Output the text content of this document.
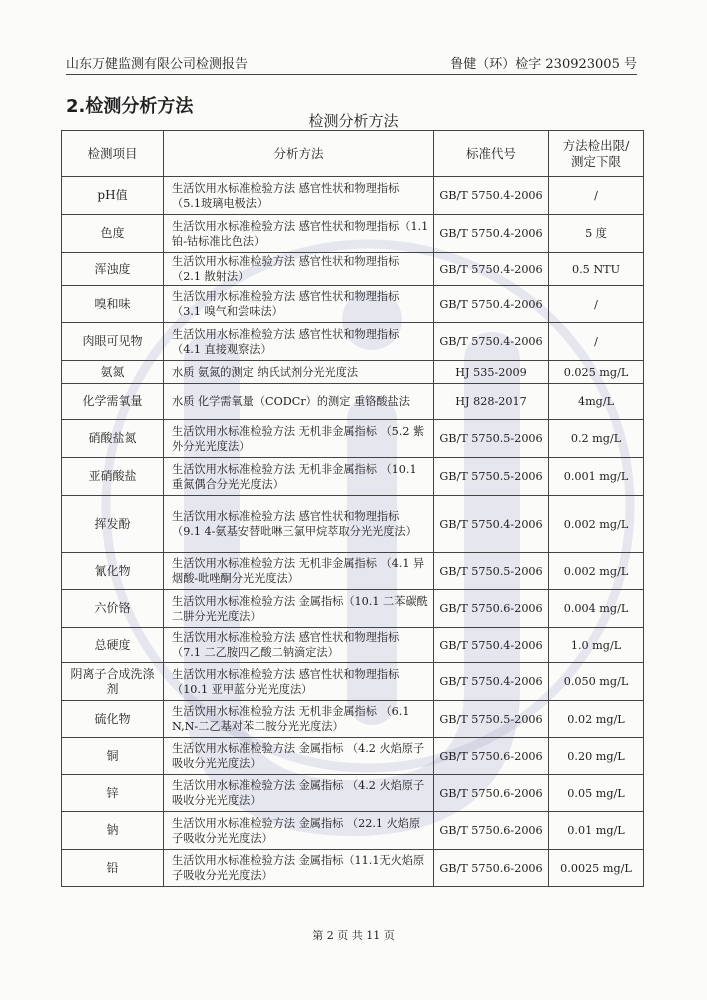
山东万健监测有限公司检测报告	鲁健（环）检字 230923005 号
2.检测分析方法
检测分析方法
检测项目	分析方法	标准代号	方法检出限/
测定下限
pH值	生活饮用水标准检验方法 感官性状和物理指标 （5.1玻璃电极法）	GB/T 5750.4-2006	/
色度	生活饮用水标准检验方法 感官性状和物理指标（1.1铂-钴标准比色法）	GB/T 5750.4-2006	5 度
浑浊度	生活饮用水标准检验方法 感官性状和物理指标 （2.1 散射法）	GB/T 5750.4-2006	0.5 NTU
嗅和味	生活饮用水标准检验方法 感官性状和物理指标 （3.1 嗅气和尝味法）	GB/T 5750.4-2006	/
肉眼可见物	生活饮用水标准检验方法 感官性状和物理指标 （4.1 直接观察法）	GB/T 5750.4-2006	/
氨氮	水质 氨氮的测定 纳氏试剂分光光度法	HJ 535-2009	0.025 mg/L
化学需氧量	水质 化学需氧量（CODCr）的测定 重铬酸盐法	HJ 828-2017	4mg/L
硝酸盐氮	生活饮用水标准检验方法 无机非金属指标 （5.2 紫外分光光度法）	GB/T 5750.5-2006	0.2 mg/L
亚硝酸盐	生活饮用水标准检验方法 无机非金属指标 （10.1 重氮偶合分光光度法）	GB/T 5750.5-2006	0.001 mg/L
挥发酚	生活饮用水标准检验方法 感官性状和物理指标 （9.1 4-氨基安替吡啉三氯甲烷萃取分光光度法）	GB/T 5750.4-2006	0.002 mg/L
氰化物	生活饮用水标准检验方法 无机非金属指标 （4.1 异烟酸-吡唑酮分光光度法）	GB/T 5750.5-2006	0.002 mg/L
六价铬	生活饮用水标准检验方法 金属指标（10.1 二苯碳酰二肼分光光度法）	GB/T 5750.6-2006	0.004 mg/L
总硬度	生活饮用水标准检验方法 感官性状和物理指标 （7.1 二乙胺四乙酸二钠滴定法）	GB/T 5750.4-2006	1.0 mg/L
阴离子合成洗涤剂	生活饮用水标准检验方法 感官性状和物理指标（10.1 亚甲蓝分光光度法）	GB/T 5750.4-2006	0.050 mg/L
硫化物	生活饮用水标准检验方法 无机非金属指标 （6.1 N,N-二乙基对苯二胺分光光度法）	GB/T 5750.5-2006	0.02 mg/L
铜	生活饮用水标准检验方法 金属指标 （4.2 火焰原子吸收分光光度法）	GB/T 5750.6-2006	0.20 mg/L
锌	生活饮用水标准检验方法 金属指标 （4.2 火焰原子吸收分光光度法）	GB/T 5750.6-2006	0.05 mg/L
钠	生活饮用水标准检验方法 金属指标 （22.1 火焰原子吸收分光光度法）	GB/T 5750.6-2006	0.01 mg/L
铅	生活饮用水标准检验方法 金属指标（11.1无火焰原子吸收分光光度法）	GB/T 5750.6-2006	0.0025 mg/L
第 2 页 共 11 页
